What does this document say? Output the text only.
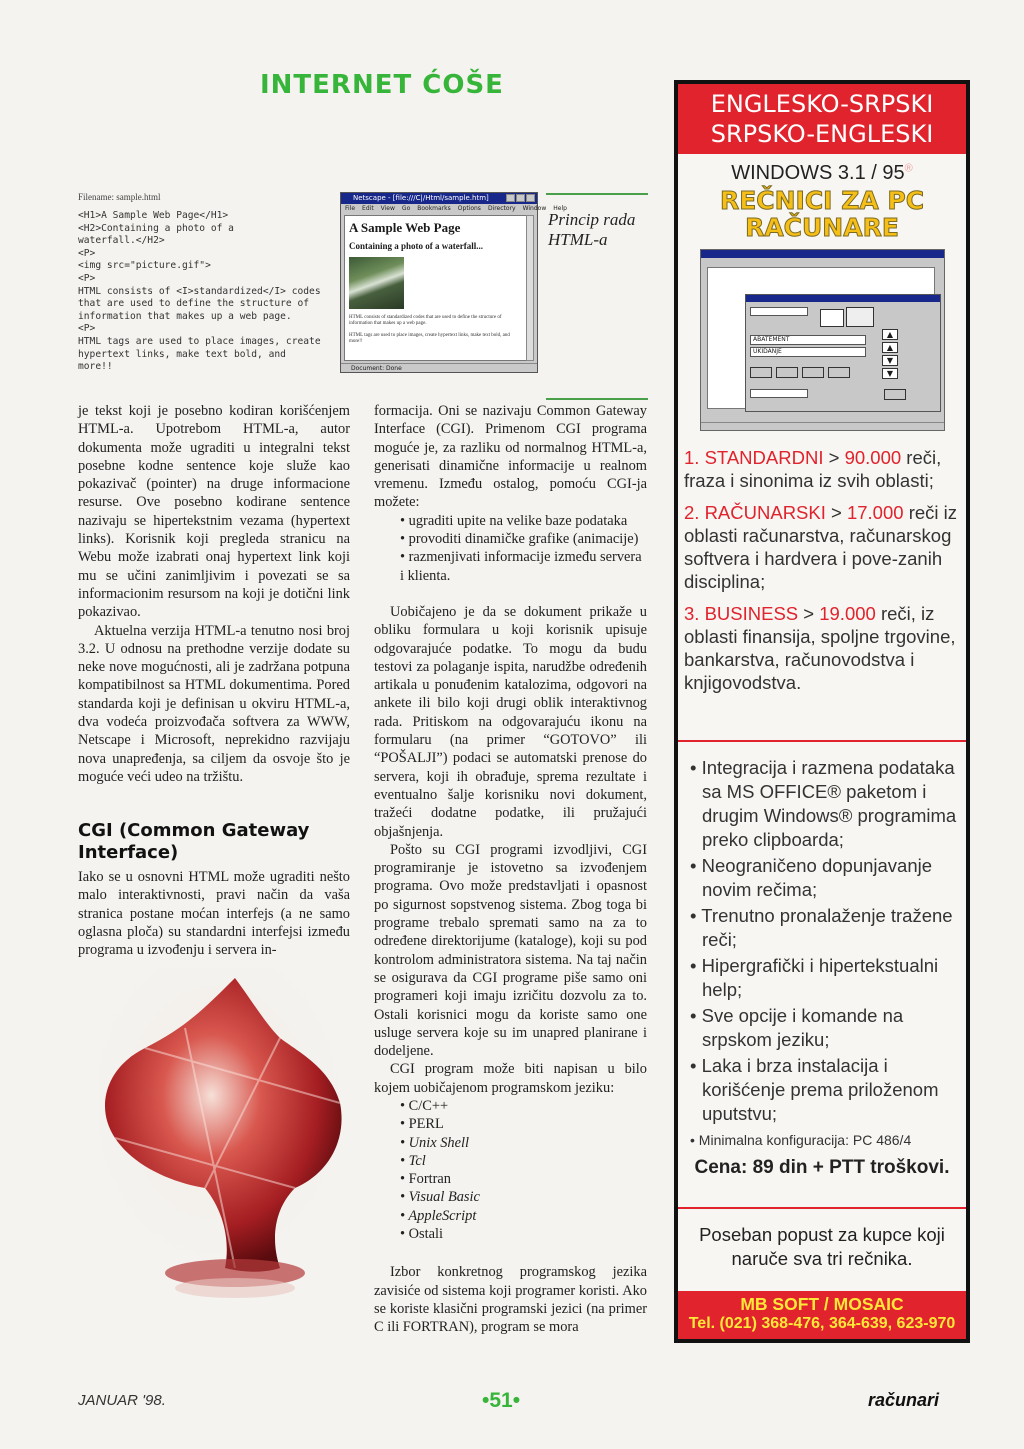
INTERNET ĆOŠE
Filename: sample.html
<H1>A Sample Web Page</H1>
<H2>Containing a photo of a
waterfall.</H2>
<P>
<img src="picture.gif">
<P>
HTML consists of <I>standardized</I> codes
that are used to define the structure of
information that makes up a web page.
<P>
HTML tags are used to place images, create
hypertext links, make text bold, and
more!!
Netscape - [file:///C|/Html/sample.htm]
File Edit View Go Bookmarks Options Directory Window Help
A Sample Web Page
Containing a photo of a waterfall...
HTML consists of standardized codes that are used to define the structure of information that makes up a web page.
HTML tags are used to place images, create hypertext links, make text bold, and more!!
Document: Done
Princip rada HTML-a

je tekst koji je posebno kodiran korišćenjem HTML-a. Upotrebom HTML-a, autor dokumenta može ugraditi u integralni tekst posebne kodne sentence koje služe kao pokazivač (pointer) na druge informacione resurse. Ove posebno kodirane sentence nazivaju se hipertekstnim vezama (hypertext links). Korisnik koji pregleda stranicu na Webu može izabrati onaj hypertext link koji mu se učini zanimljivim i povezati se sa informacionim resursom na koji je dotični link pokazivao.

Aktuelna verzija HTML-a tenutno nosi broj 3.2. U odnosu na prethodne verzije dodate su neke nove mogućnosti, ali je zadržana potpuna kompatibilnost sa HTML dokumentima. Pored standarda koji je definisan u okviru HTML-a, dva vodeća proizvođača softvera za WWW, Netscape i Microsoft, neprekidno razvijaju nova unapređenja, sa ciljem da osvoje što je moguće veći udeo na tržištu.

CGI (Common Gateway Interface)

Iako se u osnovni HTML može ugraditi nešto malo interaktivnosti, pravi način da vaša stranica postane moćan interfejs (a ne samo oglasna ploča) su standardni interfejsi između programa u izvođenju i servera in-

formacija. Oni se nazivaju Common Gateway Interface (CGI). Primenom CGI programa moguće je, za razliku od normalnog HTML-a, generisati dinamične informacije u realnom vremenu. Između ostalog, pomoću CGI-ja možete:

• ugraditi upite na velike baze podataka
• provoditi dinamičke grafike (animacije)
• razmenjivati informacije između servera i klienta.

Uobičajeno je da se dokument prikaže u obliku formulara u koji korisnik upisuje odgovarajuće podatke. To mogu da budu testovi za polaganje ispita, narudžbe određenih artikala u ponuđenim katalozima, odgovori na ankete ili bilo koji drugi oblik interaktivnog rada. Pritiskom na odgovarajuću ikonu na formularu (na primer “GOTOVO” ili “POŠALJI”) podaci se automatski prenose do servera, koji ih obrađuje, sprema rezultate i eventualno šalje korisniku novi dokument, tražeći dodatne podatke, ili pružajući objašnjenja.

Pošto su CGI programi izvodljivi, CGI programiranje je istovetno sa izvođenjem programa. Ovo može predstavljati i opasnost po sigurnost sopstvenog sistema. Zbog toga bi programe trebalo spremati samo na za to određene direktorijume (kataloge), koji su pod kontrolom administratora sistema. Na taj način se osigurava da CGI programe piše samo oni programeri koji imaju izričitu dozvolu za to. Ostali korisnici mogu da koriste samo one usluge servera koje su im unapred planirane i dodeljene.

CGI program može biti napisan u bilo kojem uobičajenom programskom jeziku:

• C/C++
• PERL
• Unix Shell
• Tcl
• Fortran
• Visual Basic
• AppleScript
• Ostali

Izbor konkretnog programskog jezika zavisiće od sistema koji programer koristi. Ako se koriste klasični programski jezici (na primer C ili FORTRAN), program se mora

ENGLESKO-SRPSKI
SRPSKO-ENGLESKI
WINDOWS 3.1 / 95®
REČNICI ZA PC
RAČUNARE
ABATEMENT
UKIDANJE
▲
▲
▼
▼
1. STANDARDNI > 90.000 reči, fraza i sinonima iz svih oblasti;
2. RAČUNARSKI > 17.000 reči iz oblasti računarstva, računarskog softvera i hardvera i pove-zanih disciplina;
3. BUSINESS > 19.000 reči, iz oblasti finansija, spoljne trgovine, bankarstva, računovodstva i knjigovodstva.
• Integracija i razmena podataka sa MS OFFICE® paketom i drugim Windows® programima preko clipboarda;
• Neograničeno dopunjavanje novim rečima;
• Trenutno pronalaženje tražene reči;
• Hipergrafički i hipertekstualni help;
• Sve opcije i komande na srpskom jeziku;
• Laka i brza instalacija i korišćenje prema priloženom uputstvu;
• Minimalna konfiguracija: PC 486/4
Cena: 89 din + PTT troškovi.
Poseban popust za kupce koji naruče sva tri rečnika.
MB SOFT / MOSAIC
Tel. (021) 368-476, 364-639, 623-970
JANUAR '98.	•51•	računari
